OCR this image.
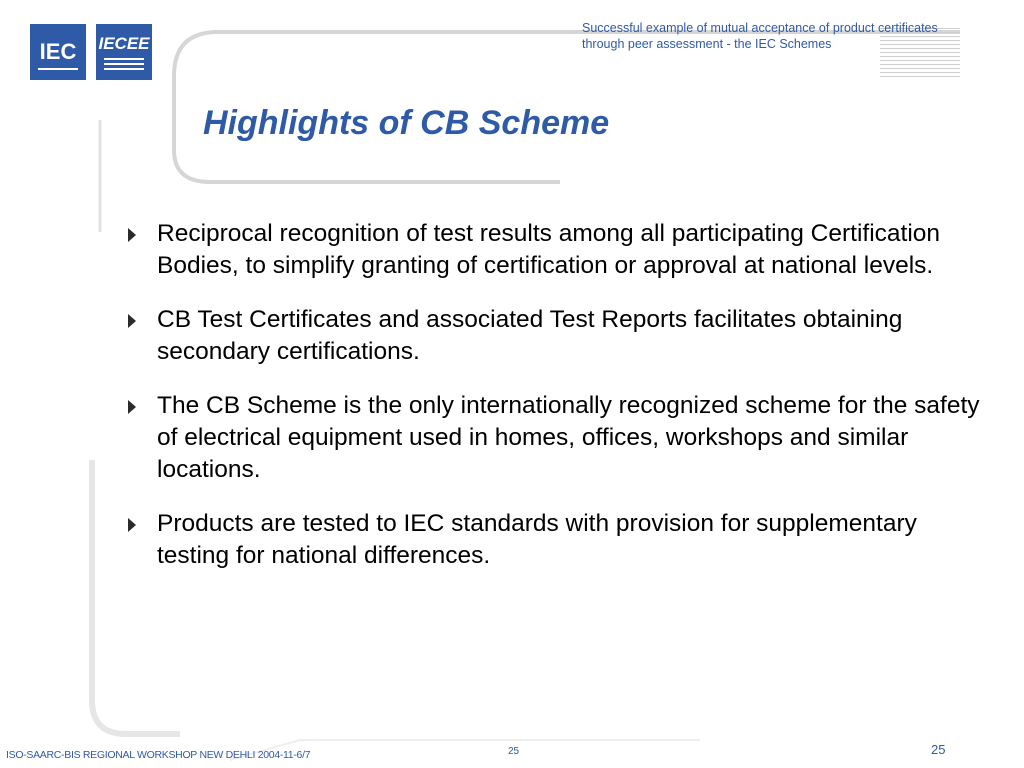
IEC IECEE
Successful example of mutual acceptance of product certificates
through peer assessment - the IEC Schemes
Highlights of CB Scheme
Reciprocal recognition of test results among all participating Certification Bodies, to simplify granting of certification or approval at national levels.
CB Test Certificates and associated Test Reports facilitates obtaining secondary certifications.
The CB Scheme is the only internationally recognized scheme for the safety of electrical equipment used in homes, offices, workshops and similar locations.
Products are tested to IEC standards with provision for supplementary testing for national differences.
ISO-SAARC-BIS REGIONAL WORKSHOP NEW DEHLI 2004-11-6/7	25	25
